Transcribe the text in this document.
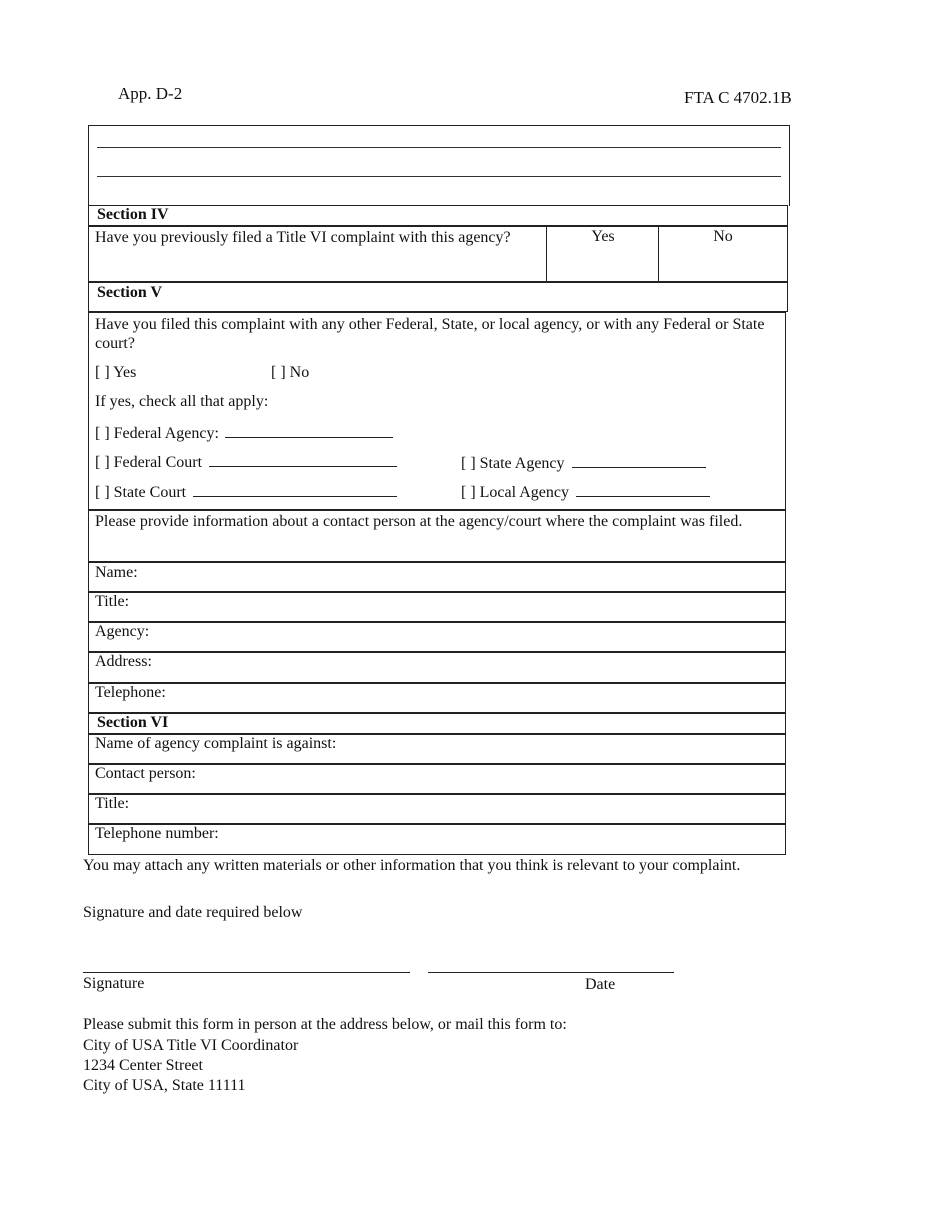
App. D-2	FTA C 4702.1B
Section IV
Have you previously filed a Title VI complaint with this agency?	Yes	No
Section V
Have you filed this complaint with any other Federal, State, or local agency, or with any Federal or State court?
[ ] Yes	[ ] No
If yes, check all that apply:
[ ] Federal Agency:
[ ] Federal Court	[ ] State Agency
[ ] State Court	[ ] Local Agency
Please provide information about a contact person at the agency/court where the complaint was filed.
Name:
Title:
Agency:
Address:
Telephone:
Section VI
Name of agency complaint is against:
Contact person:
Title:
Telephone number:
You may attach any written materials or other information that you think is relevant to your complaint.
Signature and date required below
Signature	Date
Please submit this form in person at the address below, or mail this form to:
City of USA Title VI Coordinator
1234 Center Street
City of USA, State 11111
